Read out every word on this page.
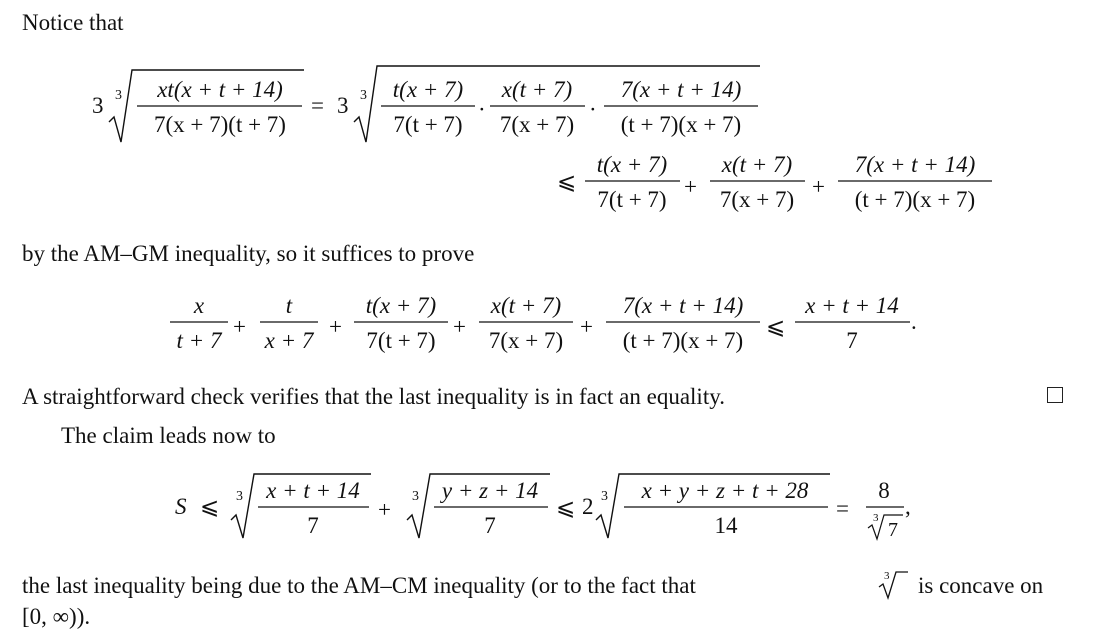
Notice that
3 3 xt(x + t + 14)
7(x + 7)(t + 7)
= 3 3 t(x + 7)
7(t + 7)
·
x(t + 7)
7(x + 7)
·
7(x + t + 14)
(t + 7)(x + 7)
⩽
t(x + 7)
7(t + 7)
+
x(t + 7)
7(x + 7)
+
7(x + t + 14)
(t + 7)(x + 7)
by the AM–GM inequality, so it suffices to prove
x
t + 7
+
t
x + 7
+
t(x + 7)
7(t + 7)
+
x(t + 7)
7(x + 7)
+
7(x + t + 14)
(t + 7)(x + 7)
⩽
x + t + 14
7
.
A straightforward check verifies that the last inequality is in fact an equality.
The claim leads now to
S ⩽ 3 x + t + 14
7
+
3 y + z + 14
7
⩽ 2 3 x + y + z + t + 28
14
=
8
3
7
,
the last inequality being due to the AM–CM inequality (or to the fact that	3 is concave on
[0, ∞)).
